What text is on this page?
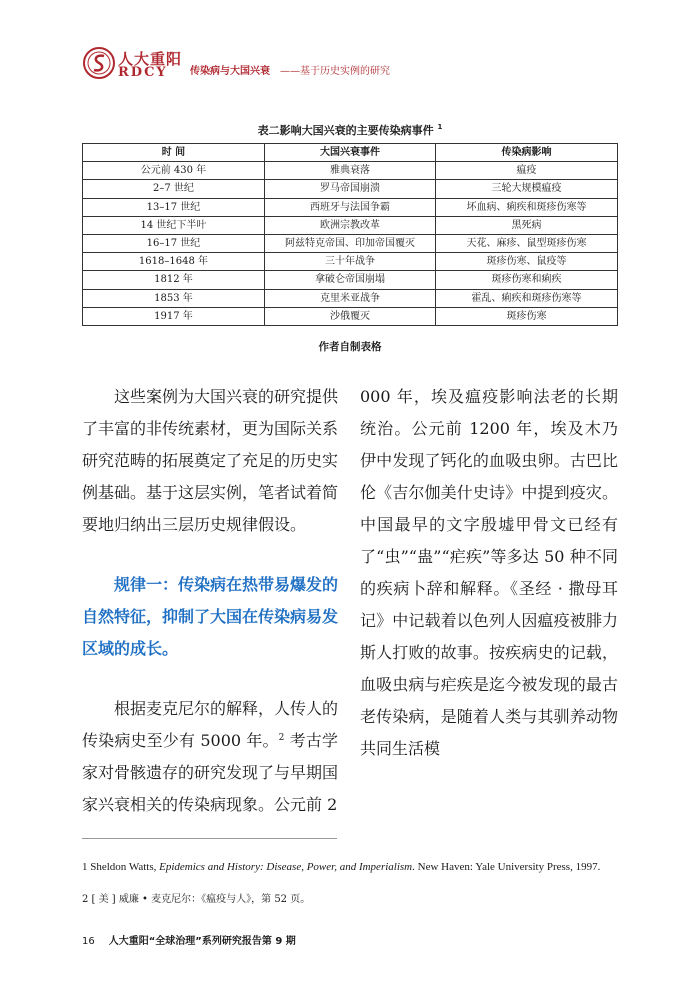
人大重阳
RDCY 传染病与大国兴衰 ——基于历史实例的研究
表二影响大国兴衰的主要传染病事件 $^1$
时 间	大国兴衰事件	传染病影响
公元前 430 年	雅典衰落	瘟疫
2–7 世纪	罗马帝国崩溃	三轮大规模瘟疫
13–17 世纪	西班牙与法国争霸	坏血病、痢疾和斑疹伤寒等
14 世纪下半叶	欧洲宗教改革	黑死病
16–17 世纪	阿兹特克帝国、印加帝国覆灭	天花、麻疹、鼠型斑疹伤寒
1618–1648 年	三十年战争	斑疹伤寒、鼠疫等
1812 年	拿破仑帝国崩塌	斑疹伤寒和痢疾
1853 年	克里米亚战争	霍乱、痢疾和斑疹伤寒等
1917 年	沙俄覆灭	斑疹伤寒
作者自制表格

这些案例为大国兴衰的研究提供了丰富的非传统素材，更为国际关系研究范畴的拓展奠定了充足的历史实例基础。基于这层实例，笔者试着简要地归纳出三层历史规律假设。

规律一：传染病在热带易爆发的自然特征，抑制了大国在传染病易发区域的成长。

根据麦克尼尔的解释，人传人的传染病史至少有 5000 年。$^2$ 考古学家对骨骸遗存的研究发现了与早期国家兴衰相关的传染病现象。公元前 2

000 年，埃及瘟疫影响法老的长期统治。公元前 1200 年，埃及木乃伊中发现了钙化的血吸虫卵。古巴比伦《吉尔伽美什史诗》中提到疫灾。中国最早的文字殷墟甲骨文已经有了“虫”“蛊”“疟疾”等多达 50 种不同的疾病卜辞和解释。《圣经 · 撒母耳记》中记载着以色列人因瘟疫被腓力斯人打败的故事。按疾病史的记载，血吸虫病与疟疾是迄今被发现的最古老传染病，是随着人类与其驯养动物共同生活模

1 Sheldon Watts, Epidemics and History: Disease, Power, and Imperialism. New Haven: Yale University Press, 1997.
2 [ 美 ] 威廉 • 麦克尼尔：《瘟疫与人》，第 52 页。
16 人大重阳“全球治理”系列研究报告第 9 期
